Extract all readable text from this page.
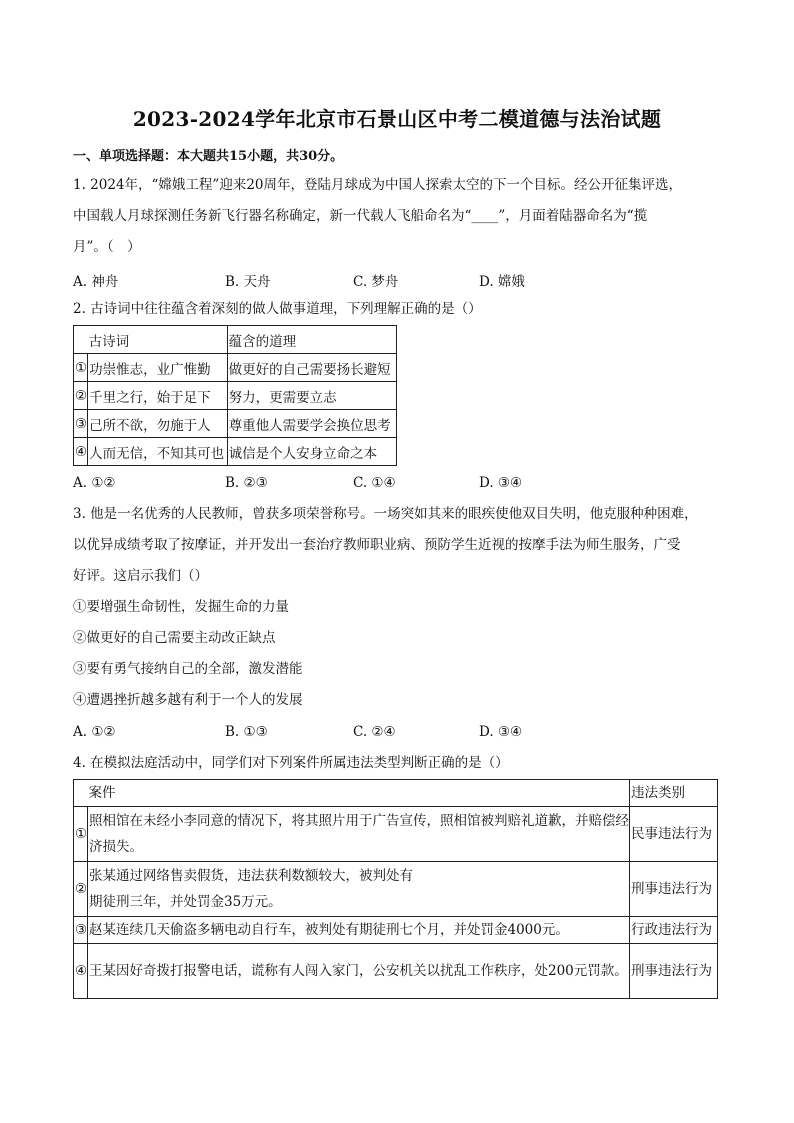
2023-2024学年北京市石景山区中考二模道德与法治试题
一、单项选择题：本大题共15小题，共30分。
1. 2024年，“嫦娥工程”迎来20周年，登陆月球成为中国人探索太空的下一个目标。经公开征集评选，
中国载人月球探测任务新飞行器名称确定，新一代载人飞船命名为“____”，月面着陆器命名为“揽
月”。（　）
A. 神舟	B. 天舟	C. 梦舟	D. 嫦娥
2. 古诗词中往往蕴含着深刻的做人做事道理，下列理解正确的是（）
	古诗词	蕴含的道理
①	功崇惟志，业广惟勤	做更好的自己需要扬长避短
②	千里之行，始于足下	努力，更需要立志
③	己所不欲，勿施于人	尊重他人需要学会换位思考
④	人而无信，不知其可也	诚信是个人安身立命之本
A. ①②	B. ②③	C. ①④	D. ③④
3. 他是一名优秀的人民教师，曾获多项荣誉称号。一场突如其来的眼疾使他双目失明，他克服种种困难，
以优异成绩考取了按摩证，并开发出一套治疗教师职业病、预防学生近视的按摩手法为师生服务，广受
好评。这启示我们（）
①要增强生命韧性，发掘生命的力量
②做更好的自己需要主动改正缺点
③要有勇气接纳自己的全部，激发潜能
④遭遇挫折越多越有利于一个人的发展
A. ①②	B. ①③	C. ②④	D. ③④
4. 在模拟法庭活动中，同学们对下列案件所属违法类型判断正确的是（）
	案件	违法类别
①	照相馆在未经小李同意的情况下，将其照片用于广告宣传，照相馆被判赔礼道歉，并赔偿经济损失。	民事违法行为
②	张某通过网络售卖假货，违法获利数额较大，被判处有
期徒刑三年，并处罚金35万元。	刑事违法行为
③	赵某连续几天偷盗多辆电动自行车，被判处有期徒刑七个月，并处罚金4000元。	行政违法行为
④	王某因好奇拨打报警电话，谎称有人闯入家门，公安机关以扰乱工作秩序，处200元罚款。	刑事违法行为
